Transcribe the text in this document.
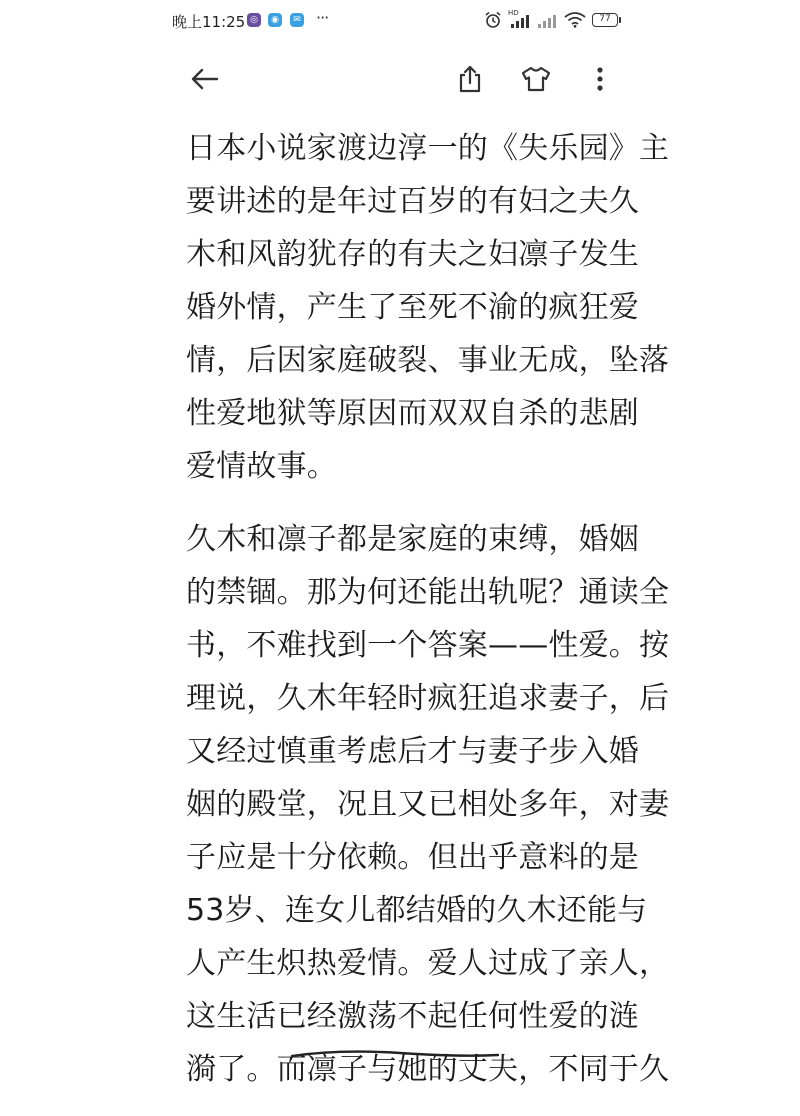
晚上11:25 ◎	◉	✉ ···	HD
77

日本小说家渡边淳一的《失乐园》主
要讲述的是年过百岁的有妇之夫久
木和风韵犹存的有夫之妇凛子发生
婚外情，产生了至死不渝的疯狂爱
情，后因家庭破裂、事业无成，坠落
性爱地狱等原因而双双自杀的悲剧
爱情故事。

久木和凛子都是家庭的束缚，婚姻
的禁锢。那为何还能出轨呢？通读全
书，不难找到一个答案——性爱。按
理说，久木年轻时疯狂追求妻子，后
又经过慎重考虑后才与妻子步入婚
姻的殿堂，况且又已相处多年，对妻
子应是十分依赖。但出乎意料的是
53岁、连女儿都结婚的久木还能与
人产生炽热爱情。爱人过成了亲人，
这生活已经激荡不起任何性爱的涟
漪了。而凛子与她的丈夫，不同于久
